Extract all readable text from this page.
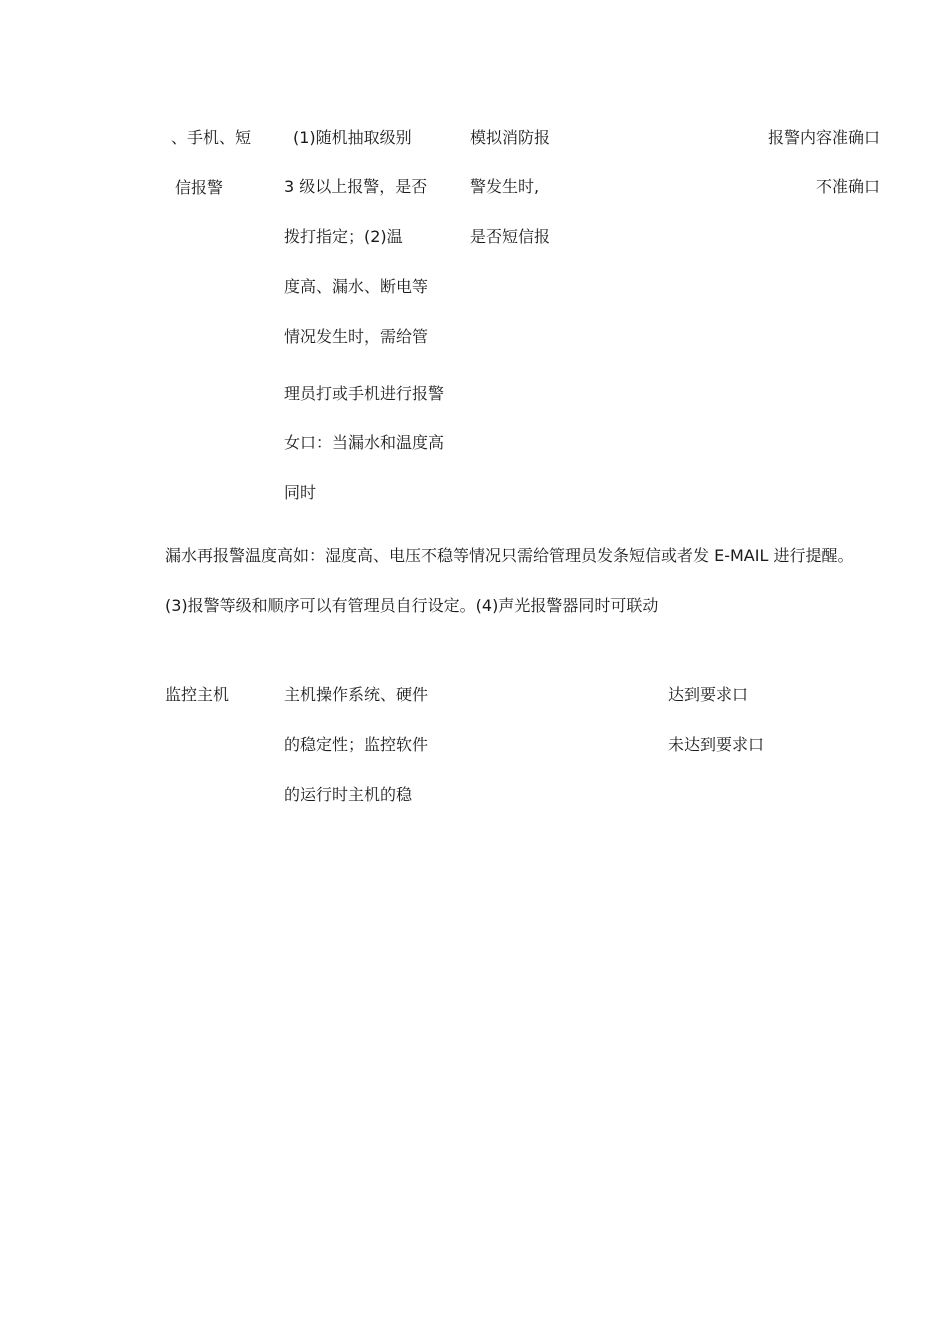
、手机、短
信报警
(1)随机抽取级别
3 级以上报警，是否
拨打指定；(2)温
度高、漏水、断电等
情况发生时，需给管
理员打或手机进行报警
女口：当漏水和温度高
同时
模拟消防报
警发生时,
是否短信报
报警内容准确口
不准确口
漏水再报警温度高如：湿度高、电压不稳等情况只需给管理员发条短信或者发 E-MAIL 进行提醒。
(3)报警等级和顺序可以有管理员自行设定。(4)声光报警器同时可联动
监控主机	主机操作系统、硬件
的稳定性；监控软件
的运行时主机的稳
达到要求口
未达到要求口
